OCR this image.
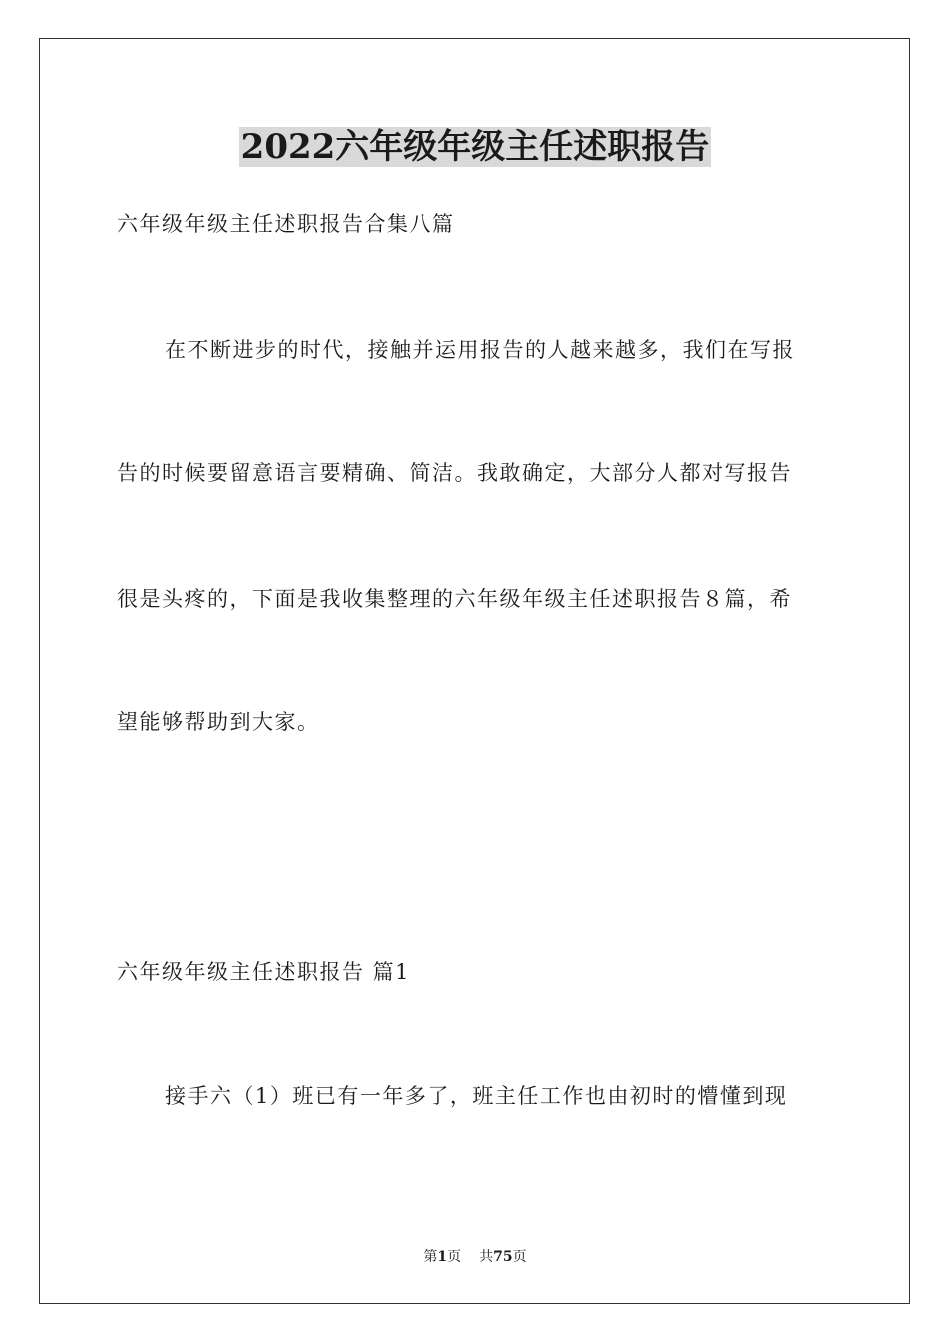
2022六年级年级主任述职报告
六年级年级主任述职报告合集八篇
在不断进步的时代，接触并运用报告的人越来越多，我们在写报
告的时候要留意语言要精确、简洁。我敢确定，大部分人都对写报告
很是头疼的，下面是我收集整理的六年级年级主任述职报告８篇，希
望能够帮助到大家。
六年级年级主任述职报告 篇1
接手六（1）班已有一年多了，班主任工作也由初时的懵懂到现
第1页 共75页
